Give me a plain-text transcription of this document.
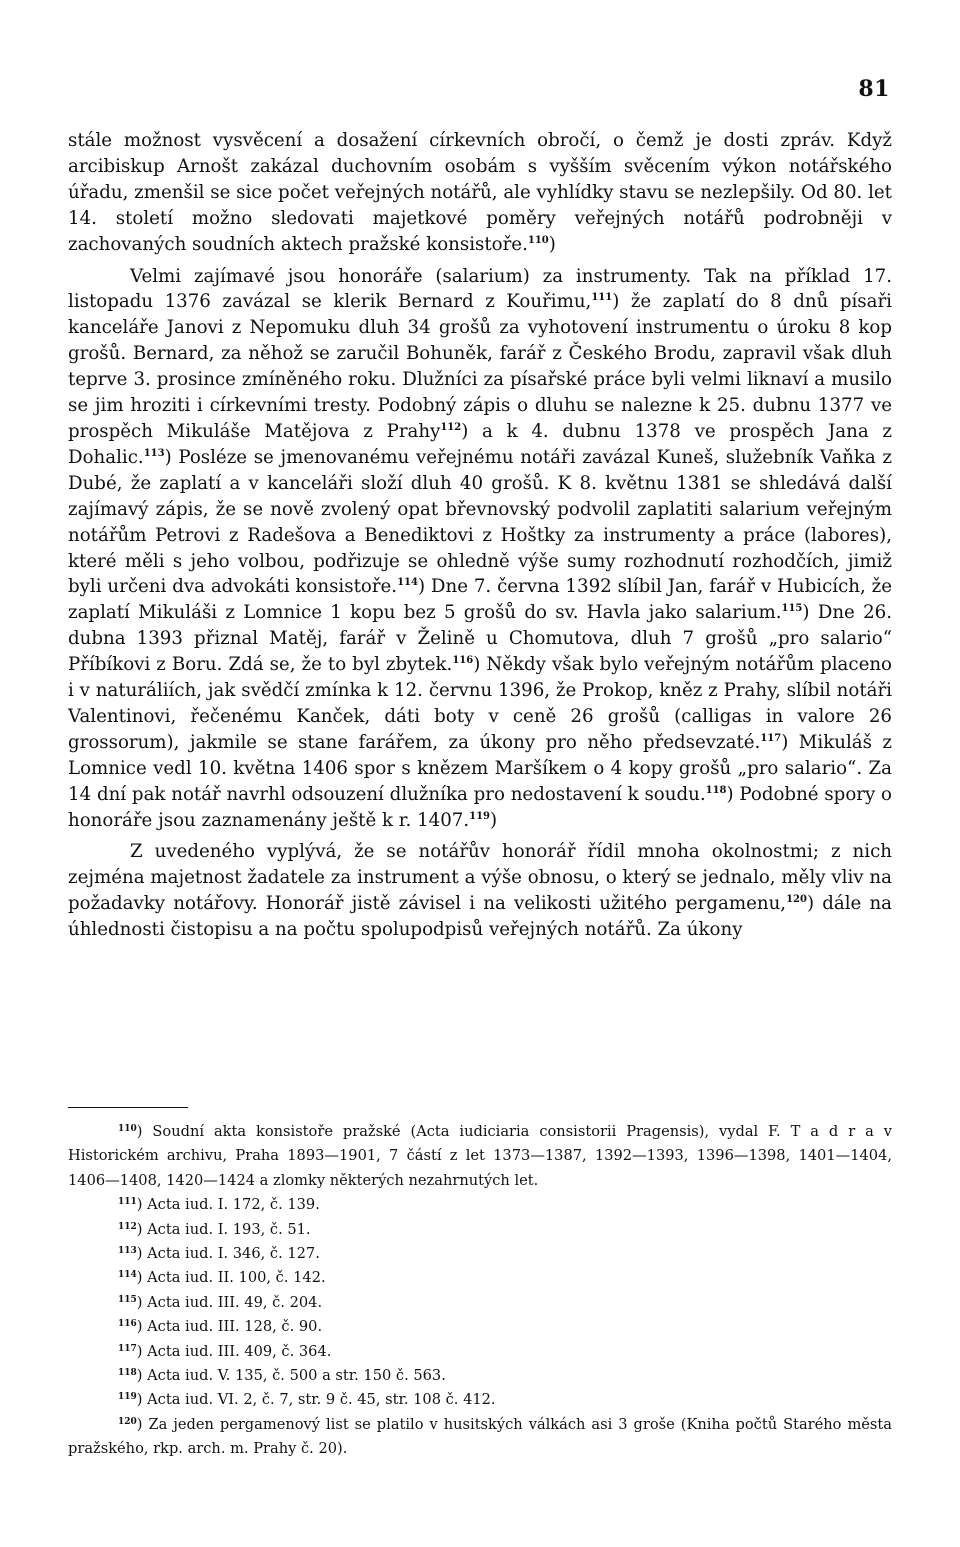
81

stále možnost vysvěcení a dosažení církevních obročí, o čemž je dosti zpráv. Když arcibiskup Arnošt zakázal duchovním osobám s vyšším svěcením výkon notářského úřadu, zmenšil se sice počet veřejných notářů, ale vyhlídky stavu se nezlepšily. Od 80. let 14. století možno sledovati majetkové poměry veřejných notářů podrobněji v zachovaných soudních aktech pražské konsistoře.$^{110}$)

Velmi zajímavé jsou honoráře (salarium) za instrumenty. Tak na příklad 17. listopadu 1376 zavázal se klerik Bernard z Kouřimu,$^{111}$) že zaplatí do 8 dnů písaři kanceláře Janovi z Nepomuku dluh 34 grošů za vyhotovení instrumentu o úroku 8 kop grošů. Bernard, za něhož se zaručil Bohuněk, farář z Českého Brodu, zapravil však dluh teprve 3. prosince zmíněného roku. Dlužníci za písařské práce byli velmi liknaví a musilo se jim hroziti i církevními tresty. Podobný zápis o dluhu se nalezne k 25. dubnu 1377 ve prospěch Mikuláše Matějova z Prahy$^{112}$) a k 4. dubnu 1378 ve prospěch Jana z Dohalic.$^{113}$) Posléze se jmenovanému veřejnému notáři zavázal Kuneš, služebník Vaňka z Dubé, že zaplatí a v kanceláři složí dluh 40 grošů. K 8. květnu 1381 se shledává další zajímavý zápis, že se nově zvolený opat břevnovský podvolil zaplatiti salarium veřejným notářům Petrovi z Radešova a Benediktovi z Hoštky za instrumenty a práce (labores), které měli s jeho volbou, podřizuje se ohledně výše sumy rozhodnutí rozhodčích, jimiž byli určeni dva advokáti konsistoře.$^{114}$) Dne 7. června 1392 slíbil Jan, farář v Hubicích, že zaplatí Mikuláši z Lomnice 1 kopu bez 5 grošů do sv. Havla jako salarium.$^{115}$) Dne 26. dubna 1393 přiznal Matěj, farář v Želině u Chomutova, dluh 7 grošů „pro salario“ Příbíkovi z Boru. Zdá se, že to byl zbytek.$^{116}$) Někdy však bylo veřejným notářům placeno i v naturáliích, jak svědčí zmínka k 12. červnu 1396, že Prokop, kněz z Prahy, slíbil notáři Valentinovi, řečenému Kanček, dáti boty v ceně 26 grošů (calligas in valore 26 grossorum), jakmile se stane farářem, za úkony pro něho předsevzaté.$^{117}$) Mikuláš z Lomnice vedl 10. května 1406 spor s knězem Maršíkem o 4 kopy grošů „pro salario“. Za 14 dní pak notář navrhl odsouzení dlužníka pro nedostavení k soudu.$^{118}$) Podobné spory o honoráře jsou zaznamenány ještě k r. 1407.$^{119}$)

Z uvedeného vyplývá, že se notářův honorář řídil mnoha okolnostmi; z nich zejména majetnost žadatele za instrument a výše obnosu, o který se jednalo, měly vliv na požadavky notářovy. Honorář jistě závisel i na velikosti užitého pergamenu,$^{120}$) dále na úhlednosti čistopisu a na počtu spolupodpisů veřejných notářů. Za úkony

$^{110}$) Soudní akta konsistoře pražské (Acta iudiciaria consistorii Pragensis), vydal F. T a d r a v Historickém archivu, Praha 1893—1901, 7 částí z let 1373—1387, 1392—1393, 1396—1398, 1401—1404, 1406—1408, 1420—1424 a zlomky některých nezahrnutých let.

$^{111}$) Acta iud. I. 172, č. 139.

$^{112}$) Acta iud. I. 193, č. 51.

$^{113}$) Acta iud. I. 346, č. 127.

$^{114}$) Acta iud. II. 100, č. 142.

$^{115}$) Acta iud. III. 49, č. 204.

$^{116}$) Acta iud. III. 128, č. 90.

$^{117}$) Acta iud. III. 409, č. 364.

$^{118}$) Acta iud. V. 135, č. 500 a str. 150 č. 563.

$^{119}$) Acta iud. VI. 2, č. 7, str. 9 č. 45, str. 108 č. 412.

$^{120}$) Za jeden pergamenový list se platilo v husitských válkách asi 3 groše (Kniha počtů Starého města pražského, rkp. arch. m. Prahy č. 20).
